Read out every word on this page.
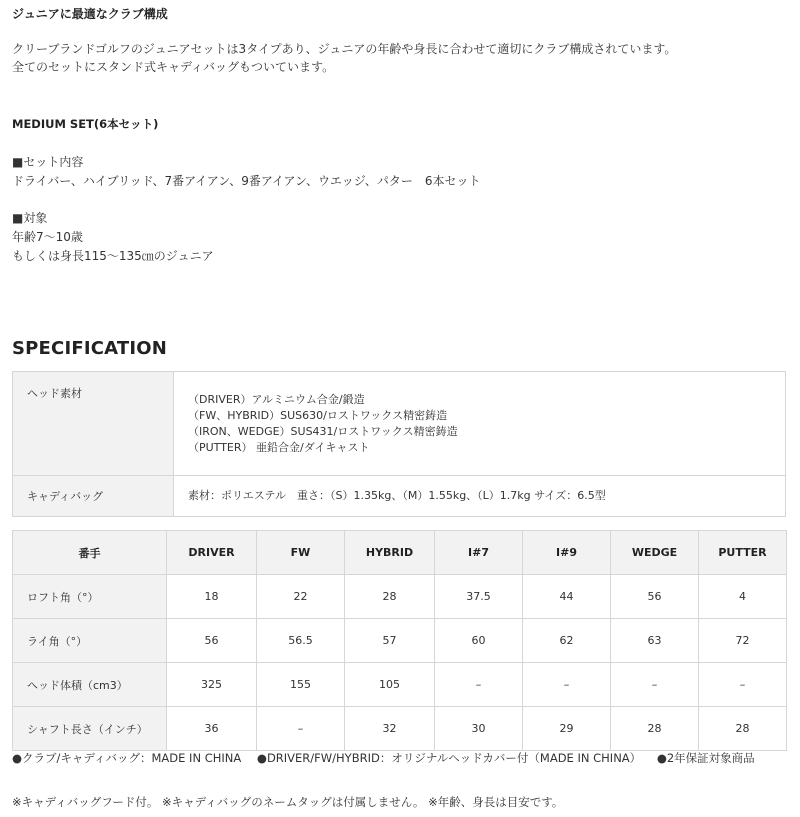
ジュニアに最適なクラブ構成
クリーブランドゴルフのジュニアセットは3タイプあり、ジュニアの年齢や身長に合わせて適切にクラブ構成されています。
全てのセットにスタンド式キャディバッグもついています。
MEDIUM SET(6本セット)
■セット内容
ドライバー、ハイブリッド、7番アイアン、9番アイアン、ウエッジ、パター　6本セット
■対象
年齢7～10歳
もしくは身長115～135㎝のジュニア
SPECIFICATION
ヘッド素材	（DRIVER）アルミニウム合金/鍛造
（FW、HYBRID）SUS630/ロストワックス精密鋳造
（IRON、WEDGE）SUS431/ロストワックス精密鋳造
（PUTTER） 亜鉛合金/ダイキャスト

キャディバッグ	素材：ポリエステル　重さ：（S）1.35kg、（M）1.55kg、（L）1.7kg サイズ：6.5型
番手	DRIVER	FW	HYBRID	I#7	I#9	WEDGE	PUTTER
ロフト角（°）	18	22	28	37.5	44	56	4
ライ角（°）	56	56.5	57	60	62	63	72
ヘッド体積（cm3）	325	155	105	–	–	–	–
シャフト長さ（インチ）	36	–	32	30	29	28	28
●クラブ/キャディバッグ：MADE IN CHINA ●DRIVER/FW/HYBRID：オリジナルヘッドカバー付（MADE IN CHINA） ●2年保証対象商品
※キャディバッグフード付。 ※キャディバッグのネームタッグは付属しません。 ※年齢、身長は目安です。
